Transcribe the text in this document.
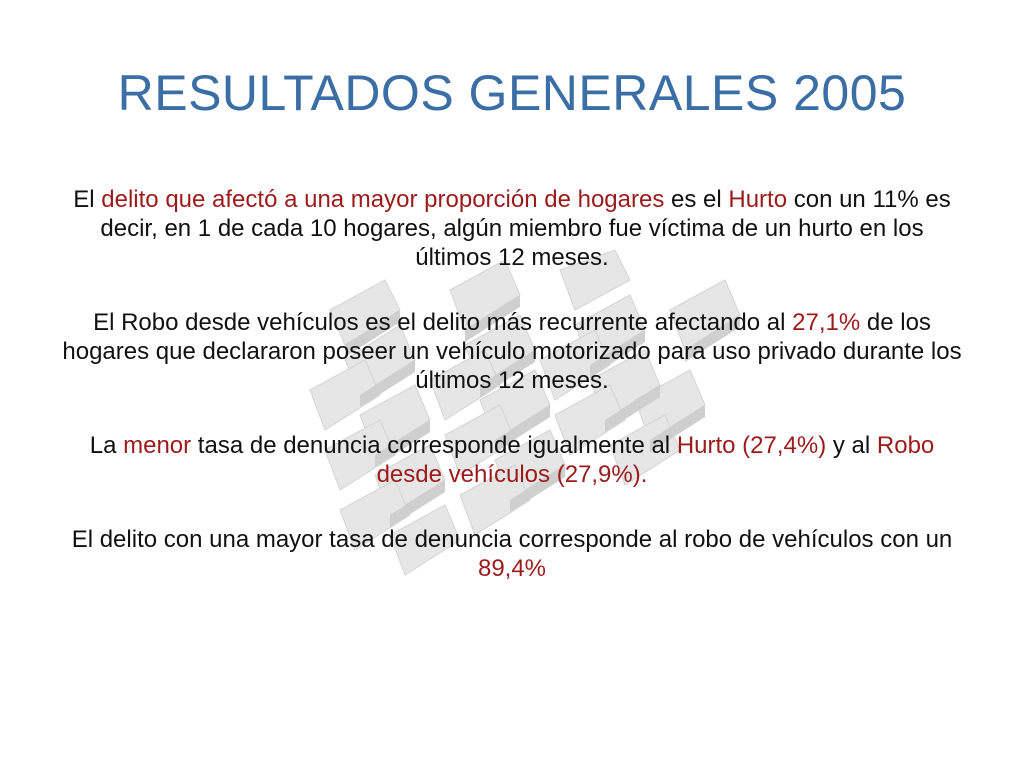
RESULTADOS GENERALES 2005

El delito que afectó a una mayor proporción de hogares es el Hurto con un 11% es decir, en 1 de cada 10 hogares, algún miembro fue víctima de un hurto en los últimos 12 meses.

El Robo desde vehículos es el delito más recurrente afectando al 27,1% de los hogares que declararon poseer un vehículo motorizado para uso privado durante los últimos 12 meses.

La menor tasa de denuncia corresponde igualmente al Hurto (27,4%) y al Robo desde vehículos (27,9%).

El delito con una mayor tasa de denuncia corresponde al robo de vehículos con un 89,4%
